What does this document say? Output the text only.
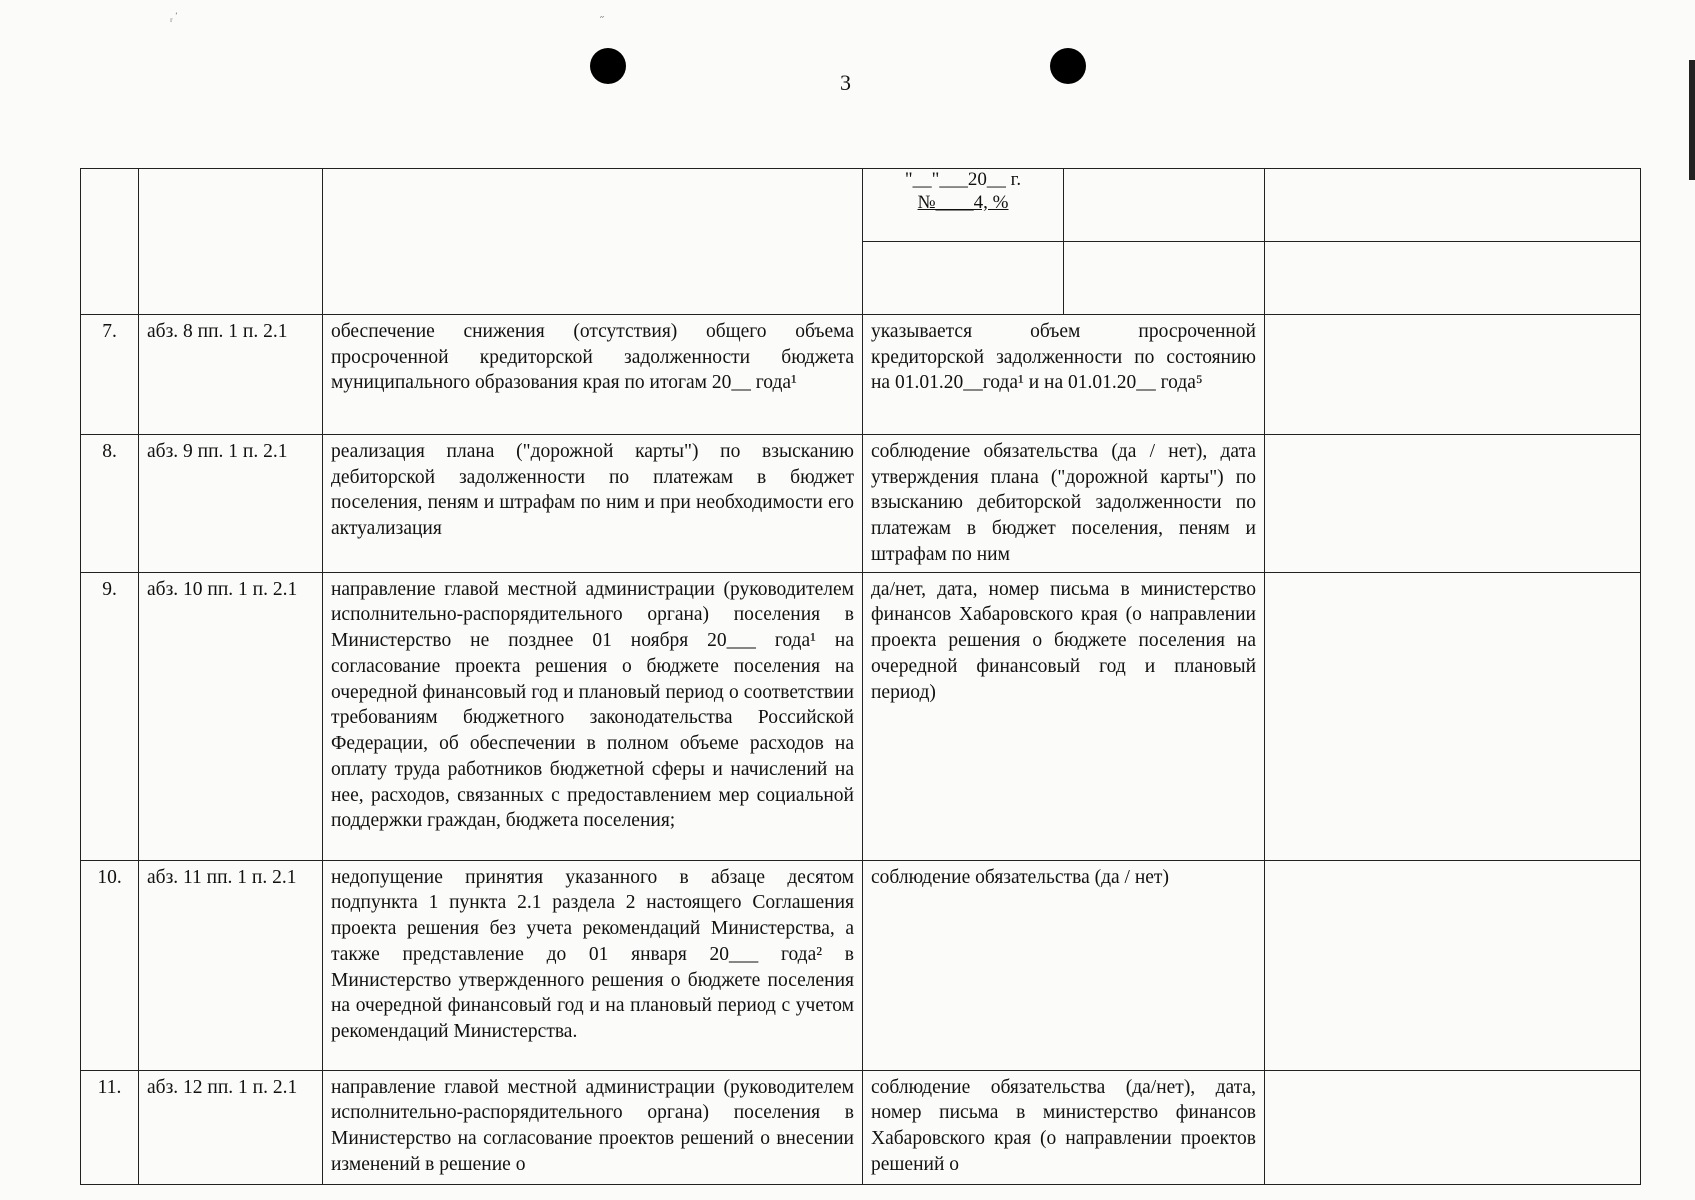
ᵣ ̕	˶
3

"__"___20__ г.
№____4, %

7.	абз. 8 пп. 1 п. 2.1	обеспечение снижения (отсутствия) общего объема просроченной кредиторской задолженности бюджета муниципального образования края по итогам 20__ года¹	указывается объем просроченной кредиторской задолженности по состоянию на 01.01.20__года¹ и на 01.01.20__ года⁵	
8.	абз. 9 пп. 1 п. 2.1	реализация плана ("дорожной карты") по взысканию дебиторской задолженности по платежам в бюджет поселения, пеням и штрафам по ним и при необходимости его актуализация	соблюдение обязательства (да / нет), дата утверждения плана ("дорожной карты") по взысканию дебиторской задолженности по платежам в бюджет поселения, пеням и штрафам по ним	
9.	абз. 10 пп. 1 п. 2.1	направление главой местной администрации (руководителем исполнительно-распорядительного органа) поселения в Министерство не позднее 01 ноября 20___ года¹ на согласование проекта решения о бюджете поселения на очередной финансовый год и плановый период о соответствии требованиям бюджетного законодательства Российской Федерации, об обеспечении в полном объеме расходов на оплату труда работников бюджетной сферы и начислений на нее, расходов, связанных с предоставлением мер социальной поддержки граждан, бюджета поселения;	да/нет, дата, номер письма в министерство финансов Хабаровского края (о направлении проекта решения о бюджете поселения на очередной финансовый год и плановый период)	
10.	абз. 11 пп. 1 п. 2.1	недопущение принятия указанного в абзаце десятом подпункта 1 пункта 2.1 раздела 2 настоящего Соглашения проекта решения без учета рекомендаций Министерства, а также представление до 01 января 20___ года² в Министерство утвержденного решения о бюджете поселения на очередной финансовый год и на плановый период с учетом рекомендаций Министерства.	соблюдение обязательства (да / нет)	
11.	абз. 12 пп. 1 п. 2.1	направление главой местной администрации (руководителем исполнительно-распорядительного органа) поселения в Министерство на согласование проектов решений о внесении изменений в решение о	соблюдение обязательства (да/нет), дата, номер письма в министерство финансов Хабаровского края (о направлении проектов решений о	
